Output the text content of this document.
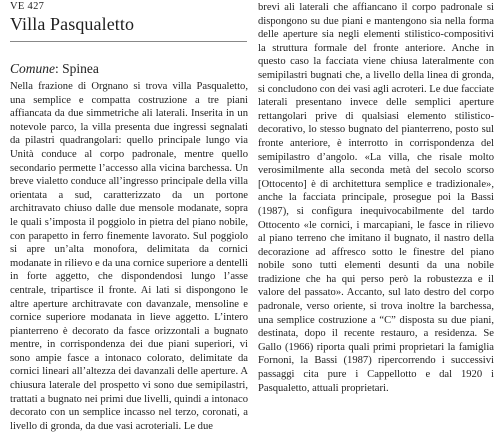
VE 427
Villa Pasqualetto
Comune: Spinea

Nella frazione di Orgnano si trova villa Pasqualetto, una semplice e compatta costruzione a tre piani affiancata da due simmetriche ali laterali. Inserita in un notevole parco, la villa presenta due ingressi segnalati da pilastri quadrangolari: quello principale lungo via Unità conduce al corpo padronale, mentre quello secondario permette l’accesso alla vicina barchessa. Un breve vialetto conduce all’ingresso principale della villa orientata a sud, caratterizzato da un portone architravato chiuso dalle due mensole modanate, sopra le quali s’imposta il poggiolo in pietra del piano nobile, con parapetto in ferro finemente lavorato. Sul poggiolo si apre un’alta monofora, delimitata da cornici modanate in rilievo e da una cornice superiore a dentelli in forte aggetto, che dispondendosi lungo l’asse centrale, tripartisce il fronte. Ai lati si dispongono le altre aperture architravate con davanzale, mensoline e cornice superiore modanata in lieve aggetto. L’intero pianterreno è decorato da fasce orizzontali a bugnato mentre, in corrispondenza dei due piani superiori, vi sono ampie fasce a intonaco colorato, delimitate da cornici lineari all’altezza dei davanzali delle aperture. A chiusura laterale del prospetto vi sono due semipilastri, trattati a bugnato nei primi due livelli, quindi a intonaco decorato con un semplice incasso nel terzo, coronati, a livello di gronda, da due vasi acroteriali. Le due

brevi ali laterali che affiancano il corpo padronale si dispongono su due piani e mantengono sia nella forma delle aperture sia negli elementi stilistico-compositivi la struttura formale del fronte anteriore. Anche in questo caso la facciata viene chiusa lateralmente con semipilastri bugnati che, a livello della linea di gronda, si concludono con dei vasi agli acroteri. Le due facciate laterali presentano invece delle semplici aperture rettangolari prive di qualsiasi elemento stilistico-decorativo, lo stesso bugnato del pianterreno, posto sul fronte anteriore, è interrotto in corrispondenza del semipilastro d’angolo. «La villa, che risale molto verosimilmente alla seconda metà del secolo scorso [Ottocento] è di architettura semplice e tradizionale», anche la facciata principale, prosegue poi la Bassi (1987), si configura inequivocabilmente del tardo Ottocento «le cornici, i marcapiani, le fasce in rilievo al piano terreno che imitano il bugnato, il nastro della decorazione ad affresco sotto le finestre del piano nobile sono tutti elementi desunti da una nobile tradizione che ha qui perso però la robustezza e il valore del passato». Accanto, sul lato destro del corpo padronale, verso oriente, si trova inoltre la barchessa, una semplice costruzione a “C” disposta su due piani, destinata, dopo il recente restauro, a residenza. Se Gallo (1966) riporta quali primi proprietari la famiglia Fornoni, la Bassi (1987) ripercorrendo i successivi passaggi cita pure i Cappellotto e dal 1920 i Pasqualetto, attuali proprietari.
